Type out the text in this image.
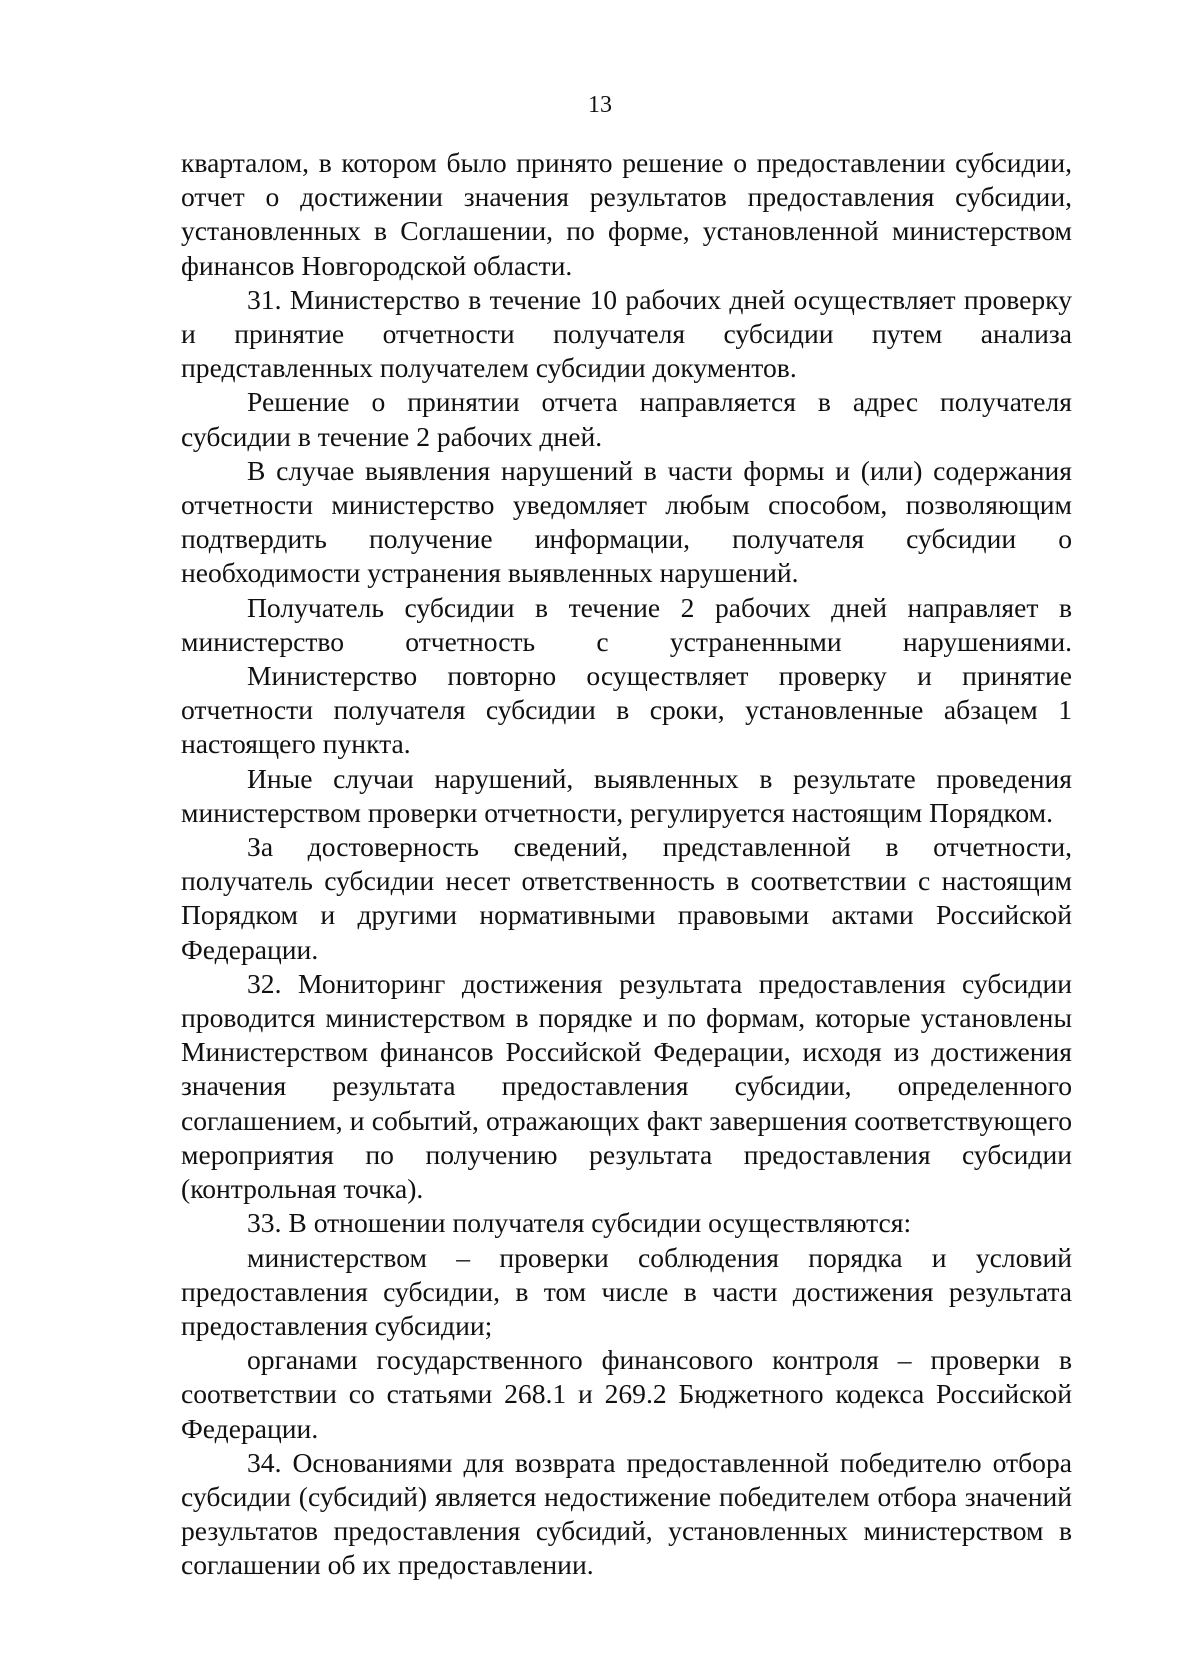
13

кварталом, в котором было принято решение о предоставлении субсидии, отчет о достижении значения результатов предоставления субсидии, установленных в Соглашении, по форме, установленной министерством финансов Новгородской области.

31. Министерство в течение 10 рабочих дней осуществляет проверку и принятие отчетности получателя субсидии путем анализа представленных получателем субсидии документов.

Решение о принятии отчета направляется в адрес получателя субсидии в течение 2 рабочих дней.

В случае выявления нарушений в части формы и (или) содержания отчетности министерство уведомляет любым способом, позволяющим подтвердить получение информации, получателя субсидии о необходимости устранения выявленных нарушений.

Получатель субсидии в течение 2 рабочих дней направляет в министерство отчетность с устраненными нарушениями.

Министерство повторно осуществляет проверку и принятие отчетности получателя субсидии в сроки, установленные абзацем 1 настоящего пункта.

Иные случаи нарушений, выявленных в результате проведения министерством проверки отчетности, регулируется настоящим Порядком.

За достоверность сведений, представленной в отчетности, получатель субсидии несет ответственность в соответствии с настоящим Порядком и другими нормативными правовыми актами Российской Федерации.

32. Мониторинг достижения результата предоставления субсидии проводится министерством в порядке и по формам, которые установлены Министерством финансов Российской Федерации, исходя из достижения значения результата предоставления субсидии, определенного соглашением, и событий, отражающих факт завершения соответствующего мероприятия по получению результата предоставления субсидии (контрольная точка).

33. В отношении получателя субсидии осуществляются:

министерством – проверки соблюдения порядка и условий предоставления субсидии, в том числе в части достижения результата предоставления субсидии;

органами государственного финансового контроля – проверки в соответствии со статьями 268.1 и 269.2 Бюджетного кодекса Российской Федерации.

34. Основаниями для возврата предоставленной победителю отбора субсидии (субсидий) является недостижение победителем отбора значений результатов предоставления субсидий, установленных министерством в соглашении об их предоставлении.
